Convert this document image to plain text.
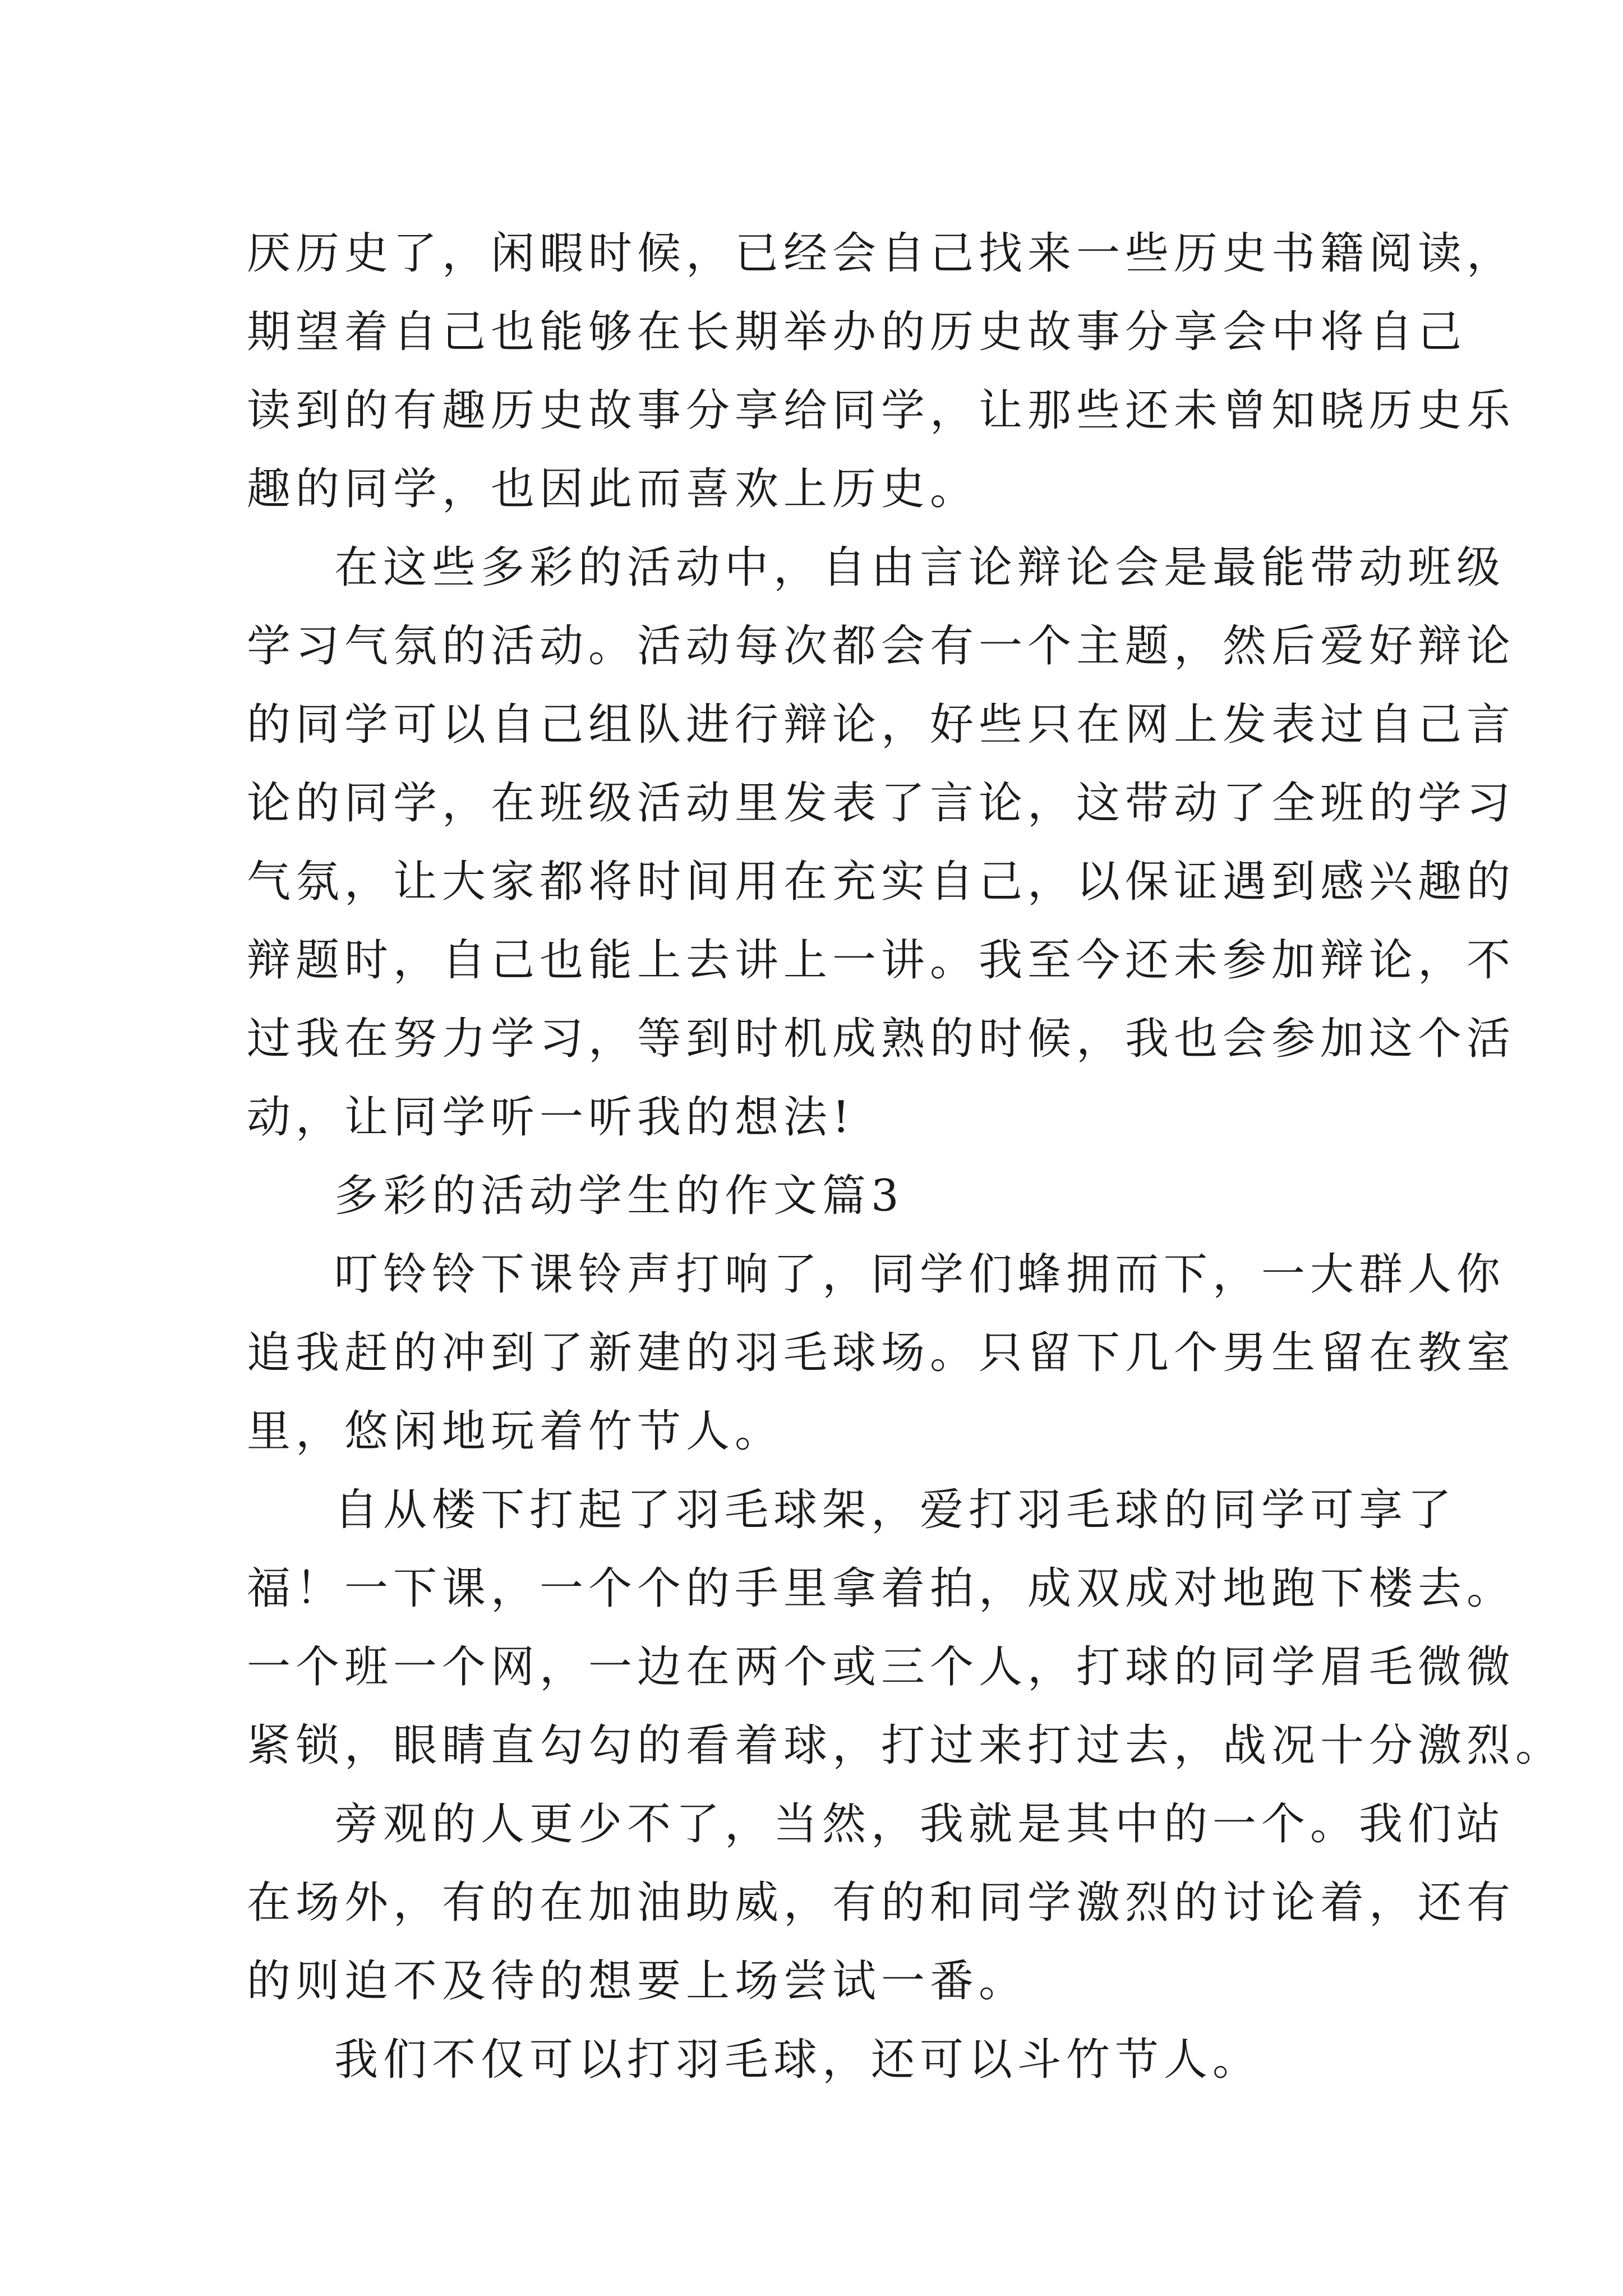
厌历史了，闲暇时候，已经会自己找来一些历史书籍阅读，
期望着自己也能够在长期举办的历史故事分享会中将自己
读到的有趣历史故事分享给同学，让那些还未曾知晓历史乐
趣的同学，也因此而喜欢上历史。
在这些多彩的活动中，自由言论辩论会是最能带动班级
学习气氛的活动。活动每次都会有一个主题，然后爱好辩论
的同学可以自己组队进行辩论，好些只在网上发表过自己言
论的同学，在班级活动里发表了言论，这带动了全班的学习
气氛，让大家都将时间用在充实自己，以保证遇到感兴趣的
辩题时，自己也能上去讲上一讲。我至今还未参加辩论，不
过我在努力学习，等到时机成熟的时候，我也会参加这个活
动，让同学听一听我的想法!
多彩的活动学生的作文篇3
叮铃铃下课铃声打响了，同学们蜂拥而下，一大群人你
追我赶的冲到了新建的羽毛球场。只留下几个男生留在教室
里，悠闲地玩着竹节人。
自从楼下打起了羽毛球架，爱打羽毛球的同学可享了
福！一下课，一个个的手里拿着拍，成双成对地跑下楼去。
一个班一个网，一边在两个或三个人，打球的同学眉毛微微
紧锁，眼睛直勾勾的看着球，打过来打过去，战况十分激烈。
旁观的人更少不了，当然，我就是其中的一个。我们站
在场外，有的在加油助威，有的和同学激烈的讨论着，还有
的则迫不及待的想要上场尝试一番。
我们不仅可以打羽毛球，还可以斗竹节人。
